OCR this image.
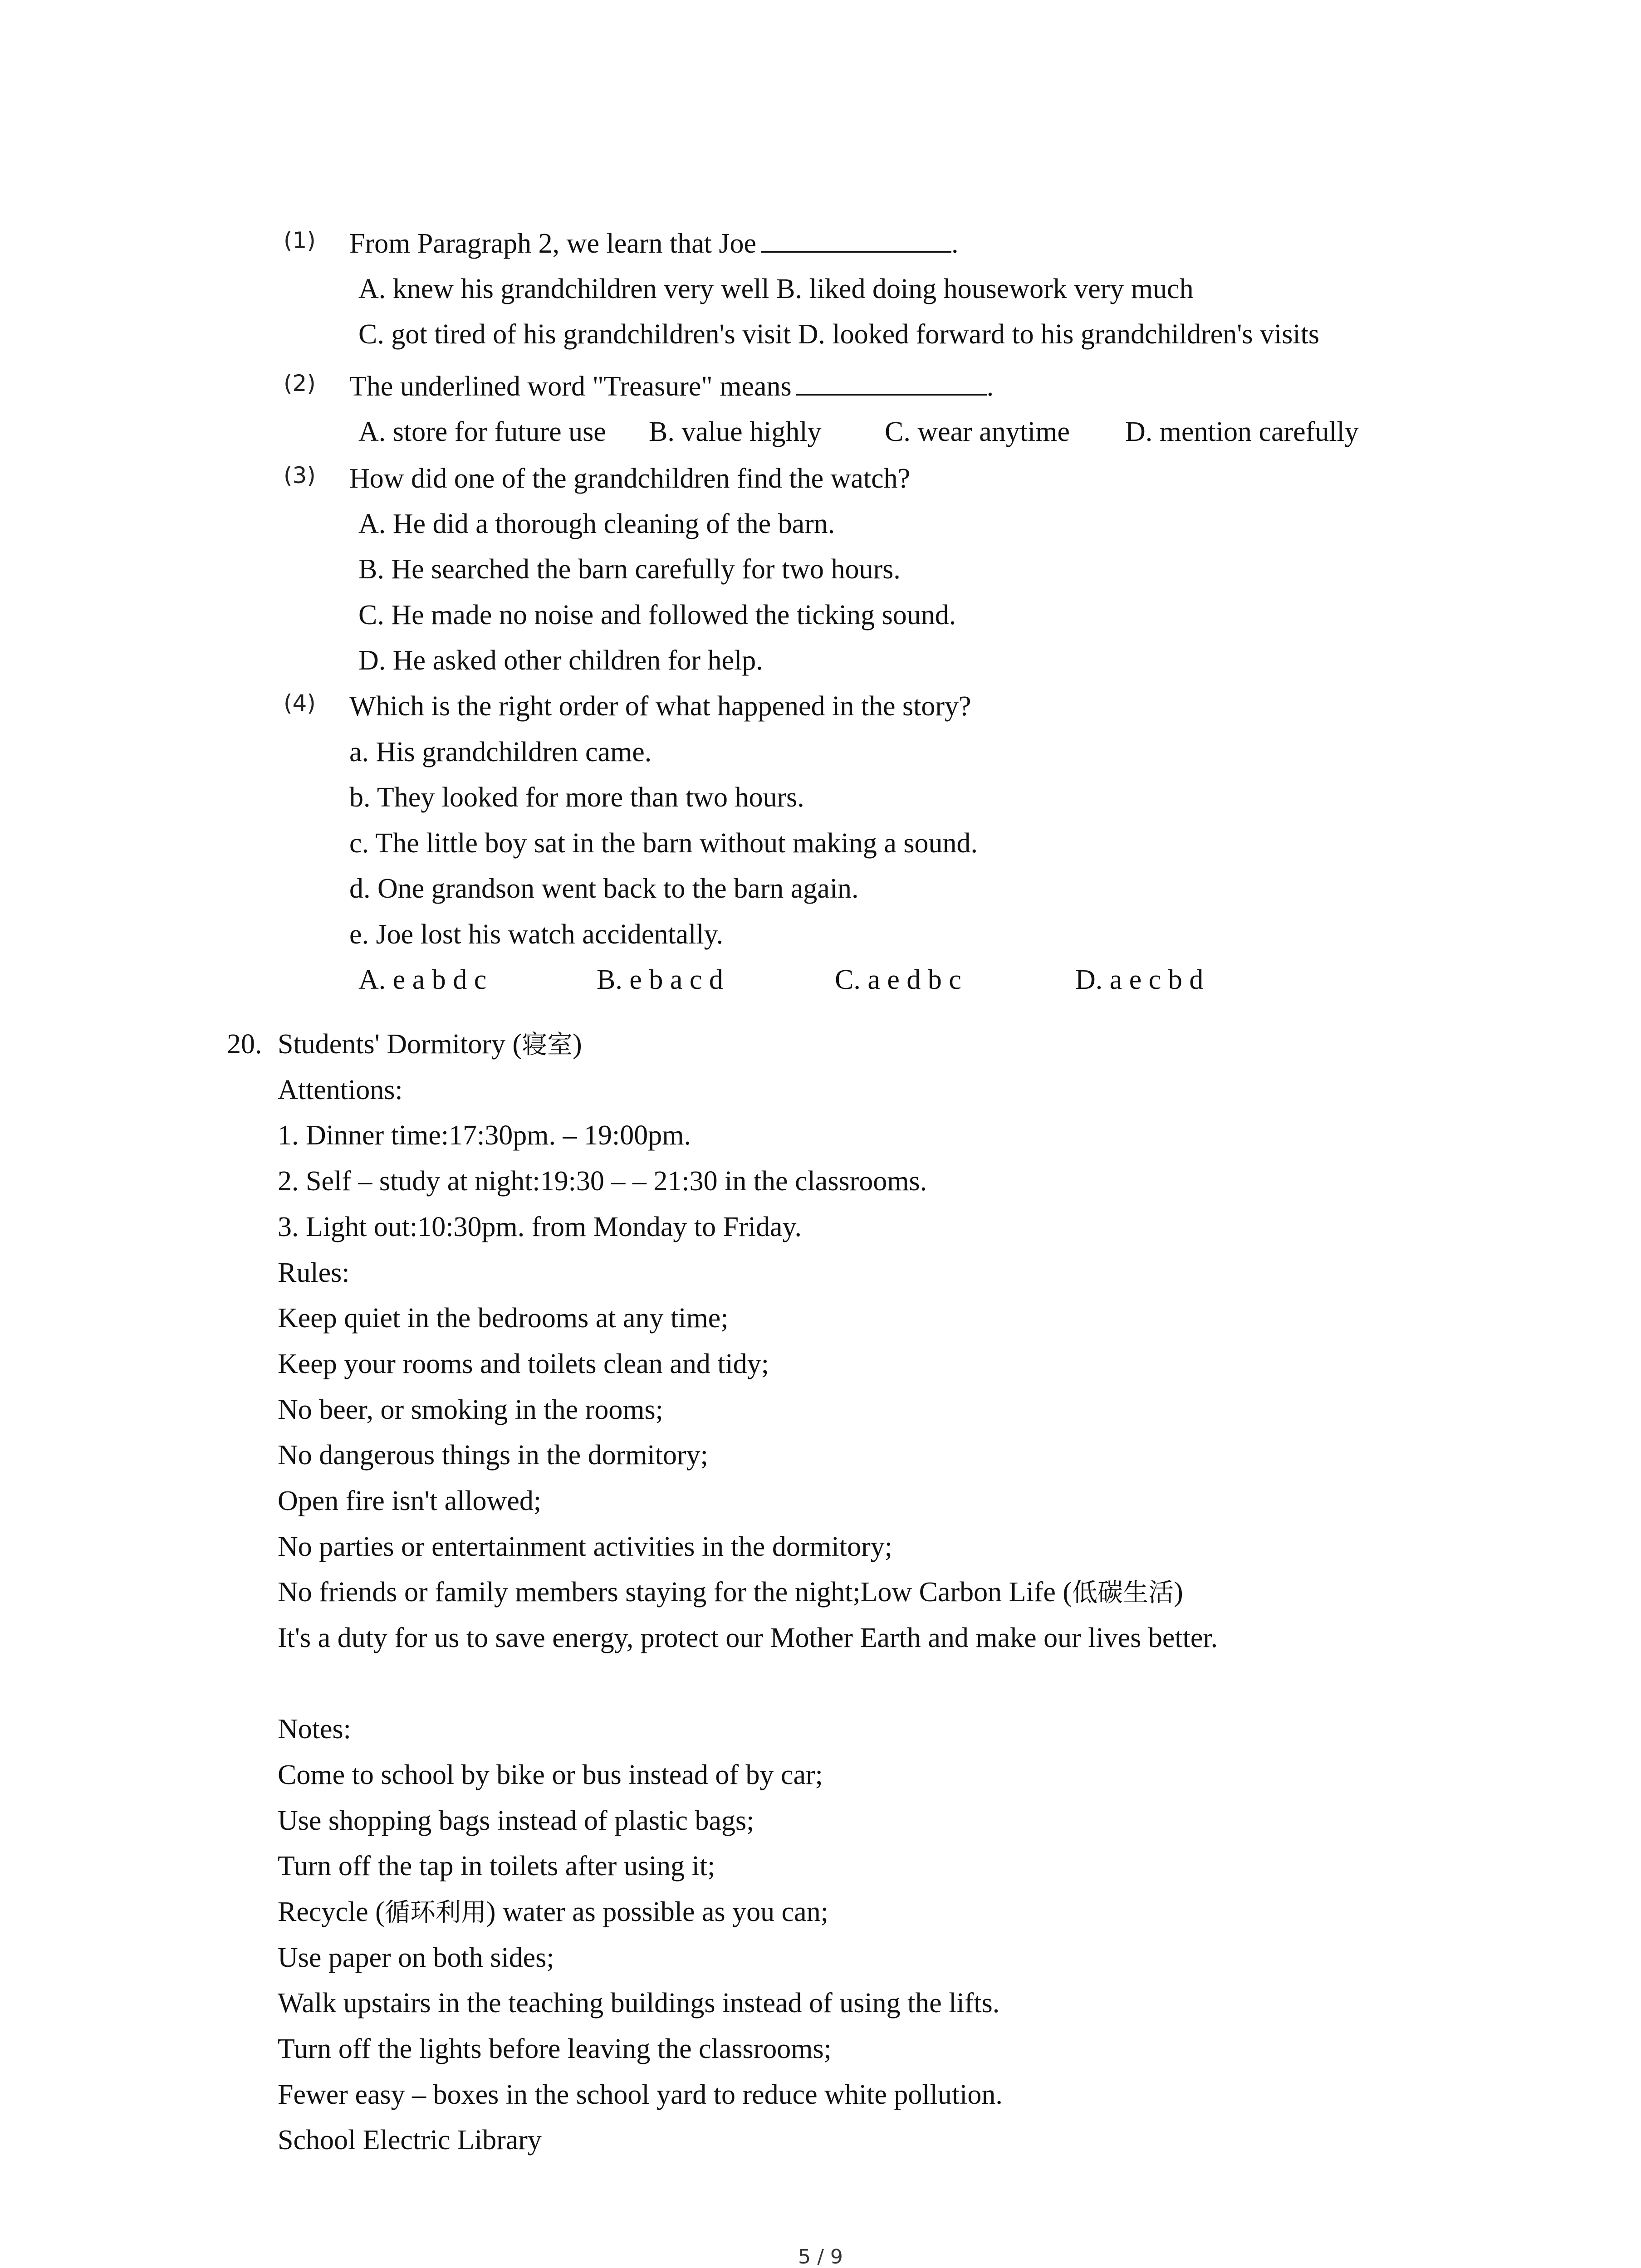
(1) From Paragraph 2, we learn that Joe	.
A. knew his grandchildren very well B. liked doing housework very much
C. got tired of his grandchildren's visit D. looked forward to his grandchildren's visits
(2) The underlined word "Treasure" means	.
A. store for future use B. value highly C. wear anytime D. mention carefully
(3) How did one of the grandchildren find the watch?
A. He did a thorough cleaning of the barn.
B. He searched the barn carefully for two hours.
C. He made no noise and followed the ticking sound.
D. He asked other children for help.
(4) Which is the right order of what happened in the story?
a. His grandchildren came.
b. They looked for more than two hours.
c. The little boy sat in the barn without making a sound.
d. One grandson went back to the barn again.
e. Joe lost his watch accidentally.
A. e a b d c	B. e b a c d	C. a e d b c	D. a e c b d
20. Students' Dormitory (寝室)
Attentions:
1. Dinner time:17:30pm. – 19:00pm.
2. Self – study at night:19:30 – – 21:30 in the classrooms.
3. Light out:10:30pm. from Monday to Friday.
Rules:
Keep quiet in the bedrooms at any time;
Keep your rooms and toilets clean and tidy;
No beer, or smoking in the rooms;
No dangerous things in the dormitory;
Open fire isn't allowed;
No parties or entertainment activities in the dormitory;
No friends or family members staying for the night;Low Carbon Life (低碳生活)
It's a duty for us to save energy, protect our Mother Earth and make our lives better.
Notes:
Come to school by bike or bus instead of by car;
Use shopping bags instead of plastic bags;
Turn off the tap in toilets after using it;
Recycle (循环利用) water as possible as you can;
Use paper on both sides;
Walk upstairs in the teaching buildings instead of using the lifts.
Turn off the lights before leaving the classrooms;
Fewer easy – boxes in the school yard to reduce white pollution.
School Electric Library
5 / 9
